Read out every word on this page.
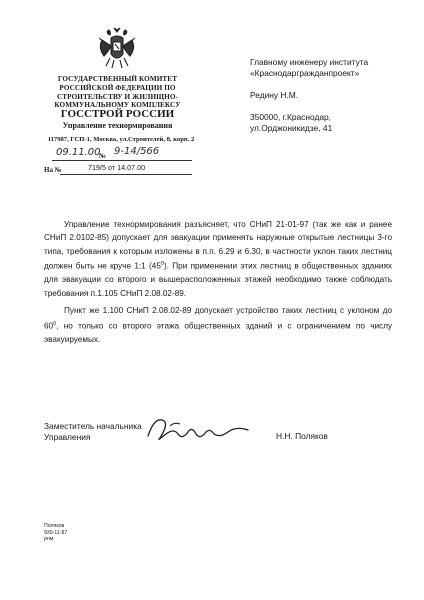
ГОСУДАРСТВЕННЫЙ КОМИТЕТ
РОССИЙСКОЙ ФЕДЕРАЦИИ ПО
СТРОИТЕЛЬСТВУ И ЖИЛИЩНО-
КОММУНАЛЬНОМУ КОМПЛЕКСУ
ГОССТРОЙ РОССИИ
Управление технормирования
117987, ГСП-1, Москва, ул.Строителей, 8, корп. 2
09.11.00
№ 9-14/566
На №	719/5 от 14.07.00
Главному инженеру института
«Краснодаргражданпроект»

Редину Н.М.

350000, г.Краснодар,
ул.Орджоникидзе, 41

Управление технормирования разъясняет, что СНиП 21-01-97 (так же как и ранее СНиП 2.0102-85) допускает для эвакуации применять наружные открытые лестницы 3-го типа, требования к которым изложены в п.п. 6.29 и 6.30, в частности уклон таких лестниц должен быть не круче 1:1 $(45^0)$. При применении этих лестниц в общественных зданиях для эвакуации со второго и вышерасположенных этажей необходимо также соблюдать требования п.1.105 СНиП 2.08.02-89.

Пункт же 1.100 СНиП 2.08.02-89 допускает устройство таких лестниц с уклоном до $60^0$, но только со второго этажа общественных зданий и с ограничением по числу эвакуируемых.

Заместитель начальника
Управления	Н.Н. Поляков
Поляков
930-11-87
рнм
